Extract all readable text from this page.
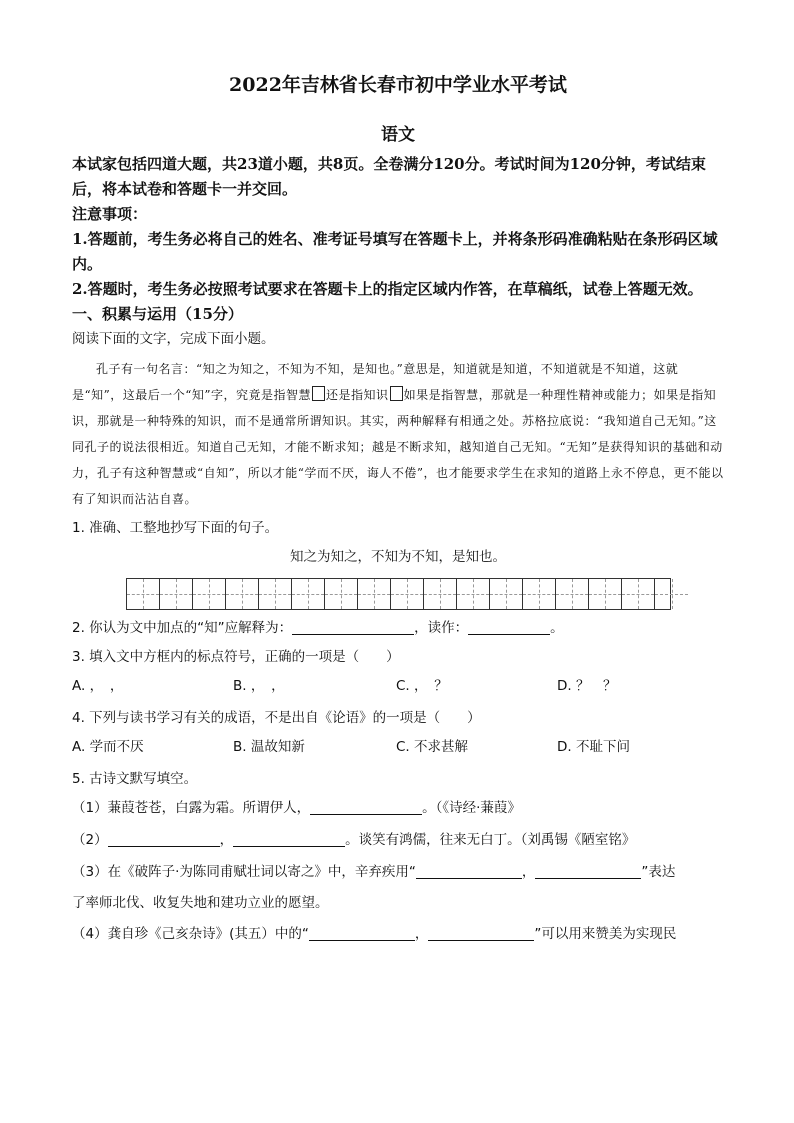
2022年吉林省长春市初中学业水平考试
语文
本试家包括四道大题，共23道小题，共8页。全卷满分120分。考试时间为120分钟，考试结束后，将本试卷和答题卡一并交回。
注意事项：
1.答题前，考生务必将自己的姓名、准考证号填写在答题卡上，并将条形码准确粘贴在条形码区域内。
2.答题时，考生务必按照考试要求在答题卡上的指定区域内作答，在草稿纸，试卷上答题无效。
一、积累与运用（15分）
阅读下面的文字，完成下面小题。
孔子有一句名言：“知之为知之，不知为不知，是知也。”意思是，知道就是知道，不知道就是不知道，这就是“知”，这最后一个“知”字，究竟是指智慧 还是指知识 如果是指智慧，那就是一种理性精神或能力；如果是指知识，那就是一种特殊的知识，而不是通常所谓知识。其实，两种解释有相通之处。苏格拉底说：“我知道自己无知。”这同孔子的说法很相近。知道自己无知，才能不断求知；越是不断求知，越知道自己无知。“无知”是获得知识的基础和动力，孔子有这种智慧或“自知”，所以才能“学而不厌，诲人不倦”，也才能要求学生在求知的道路上永不停息，更不能以有了知识而沾沾自喜。
1. 准确、工整地抄写下面的句子。
知之为知之，不知为不知，是知也。
2. 你认为文中加点的“知”应解释为：	，读作：	。
3. 填入文中方框内的标点符号，正确的一项是（　　）
A. ，　，	B. ，　，	C. ，　？	D. ？　？
4. 下列与读书学习有关的成语，不是出自《论语》的一项是（　　）
A. 学而不厌	B. 温故知新	C. 不求甚解	D. 不耻下问
5. 古诗文默写填空。
（1）蒹葭苍苍，白露为霜。所谓伊人，	。（《诗经·蒹葭》
（2）	，	。谈笑有鸿儒，往来无白丁。（刘禹锡《陋室铭》
（3）在《破阵子·为陈同甫赋壮词以寄之》中，辛弃疾用“	，	”表达
了率师北伐、收复失地和建功立业的愿望。
（4）龚自珍《己亥杂诗》(其五）中的“	，	”可以用来赞美为实现民
